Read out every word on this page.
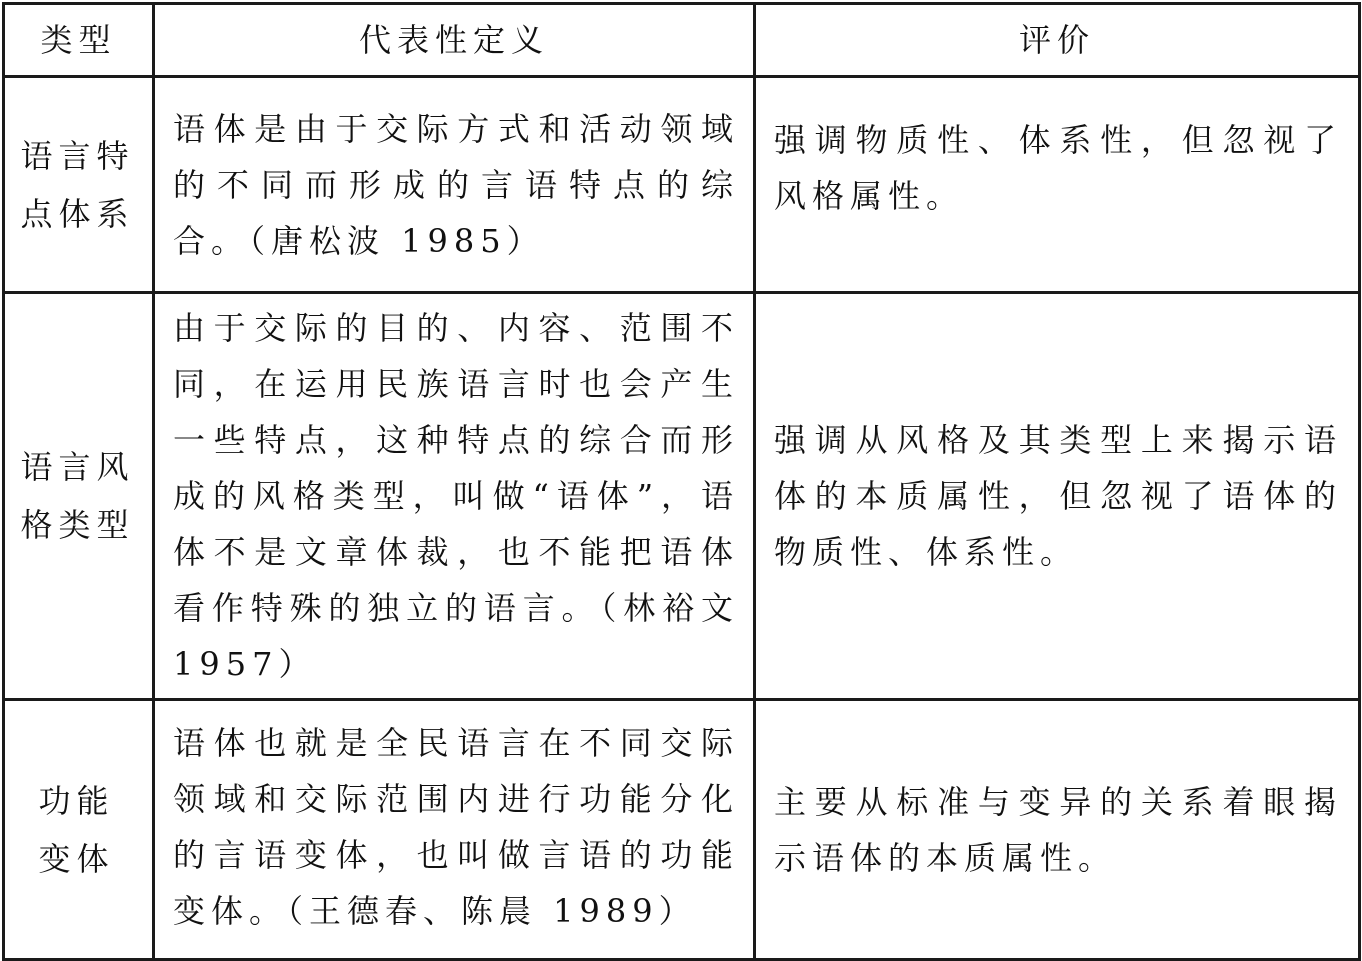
类型	代表性定义	评价

语言特点体系	语体是由于交际方式和活动领域的不同而形成的言语特点的综合。（唐松波 1985）	强调物质性、体系性，但忽视了风格属性。

语言风格类型	由于交际的目的、内容、范围不同，在运用民族语言时也会产生一些特点，这种特点的综合而形成的风格类型，叫做“语体”，语体不是文章体裁，也不能把语体看作特殊的独立的语言。（林裕文 1957）	强调从风格及其类型上来揭示语体的本质属性，但忽视了语体的物质性、体系性。

功能变体	语体也就是全民语言在不同交际领域和交际范围内进行功能分化的言语变体，也叫做言语的功能变体。（王德春、陈晨 1989）	主要从标准与变异的关系着眼揭示语体的本质属性。
